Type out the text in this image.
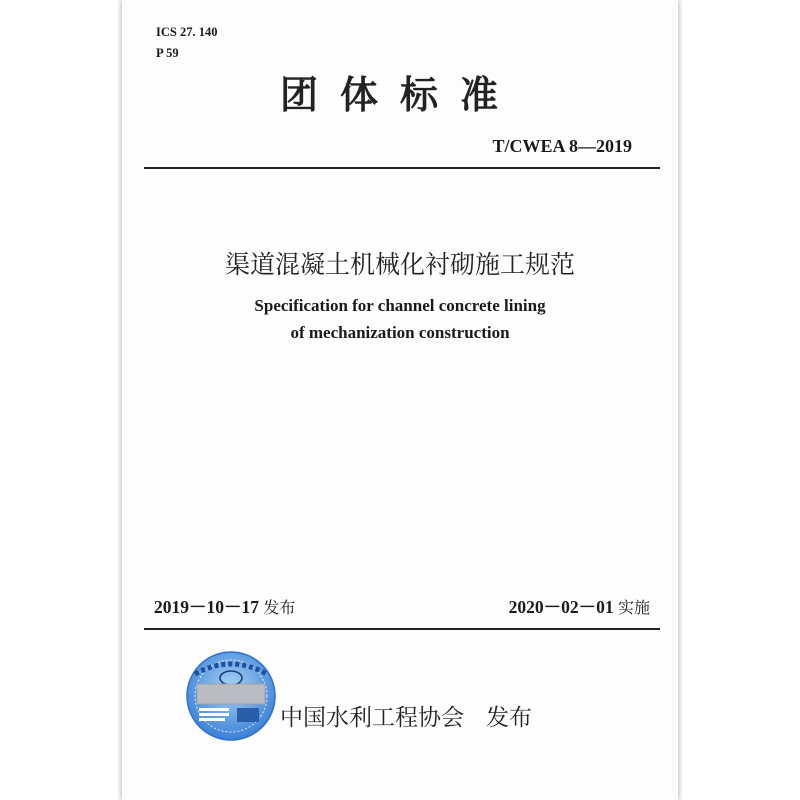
ICS 27. 140
P 59
团体标准
T/CWEA 8—2019
渠道混凝土机械化衬砌施工规范
Specification for channel concrete lining
of mechanization construction
2019－10－17 发布	2020－02－01 实施
中国水利工程协会 发布
